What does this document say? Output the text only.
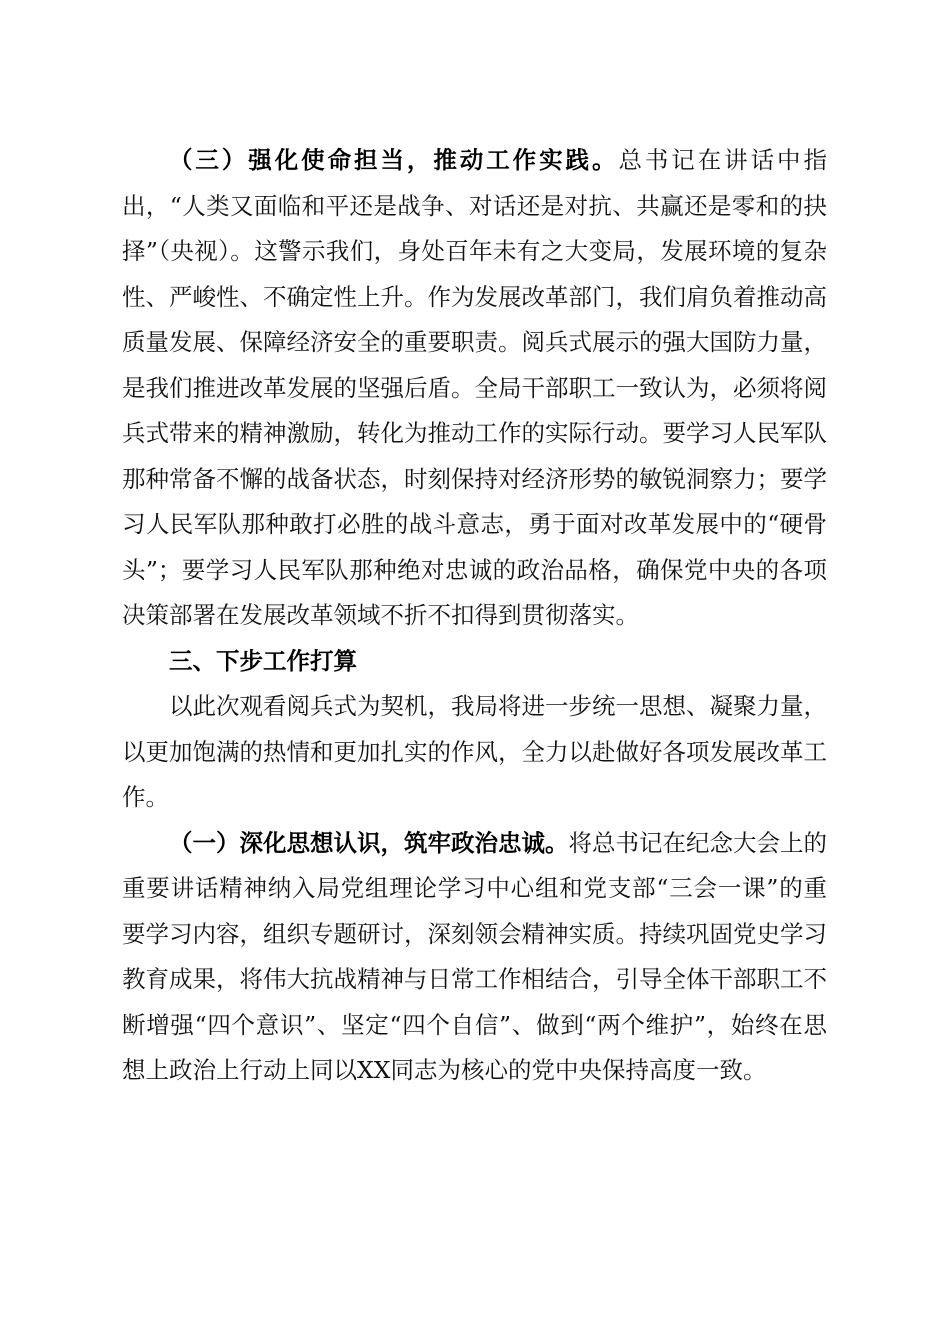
（三）强化使命担当，推动工作实践。总书记在讲话中指出，“人类又面临和平还是战争、对话还是对抗、共赢还是零和的抉择”（央视）。这警示我们，身处百年未有之大变局，发展环境的复杂性、严峻性、不确定性上升。作为发展改革部门，我们肩负着推动高质量发展、保障经济安全的重要职责。阅兵式展示的强大国防力量，是我们推进改革发展的坚强后盾。全局干部职工一致认为，必须将阅兵式带来的精神激励，转化为推动工作的实际行动。要学习人民军队那种常备不懈的战备状态，时刻保持对经济形势的敏锐洞察力；要学习人民军队那种敢打必胜的战斗意志，勇于面对改革发展中的“硬骨头”；要学习人民军队那种绝对忠诚的政治品格，确保党中央的各项决策部署在发展改革领域不折不扣得到贯彻落实。

三、下步工作打算

以此次观看阅兵式为契机，我局将进一步统一思想、凝聚力量，以更加饱满的热情和更加扎实的作风，全力以赴做好各项发展改革工作。

（一）深化思想认识，筑牢政治忠诚。将总书记在纪念大会上的重要讲话精神纳入局党组理论学习中心组和党支部“三会一课”的重要学习内容，组织专题研讨，深刻领会精神实质。持续巩固党史学习教育成果，将伟大抗战精神与日常工作相结合，引导全体干部职工不断增强“四个意识”、坚定“四个自信”、做到“两个维护”，始终在思想上政治上行动上同以XX同志为核心的党中央保持高度一致。
